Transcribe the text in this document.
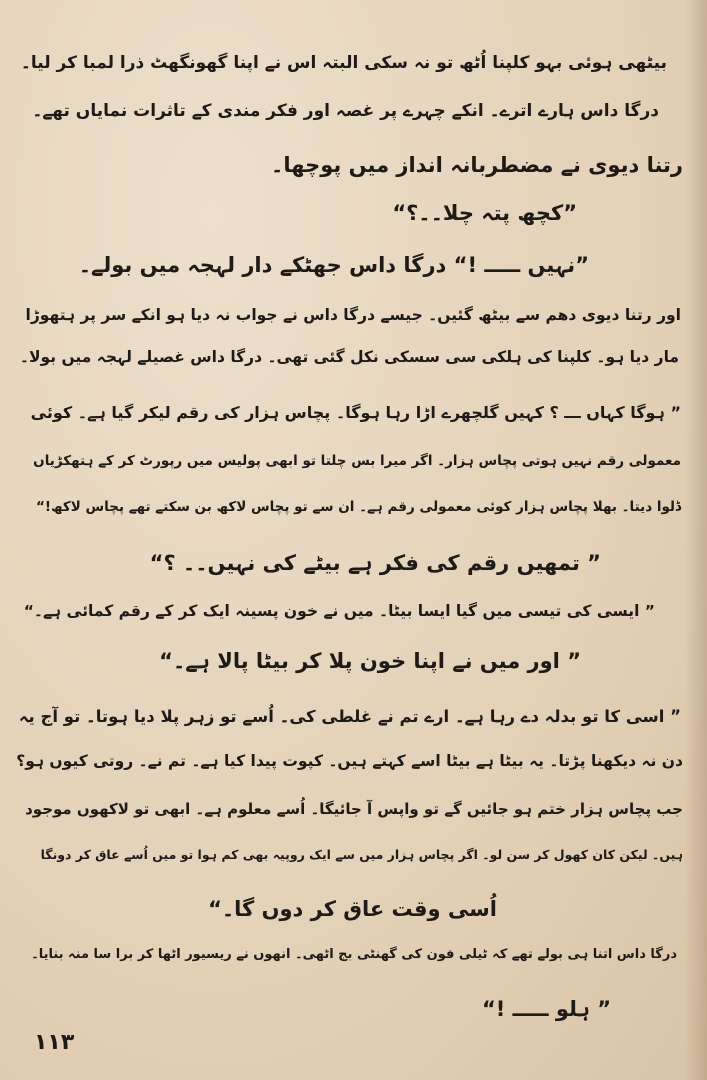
بیٹھی ہوئی بہو کلپنا اُٹھ تو نہ سکی البتہ اس نے اپنا گھونگھٹ ذرا لمبا کر لیا۔
درگا داس ہارے اترے۔ انکے چہرے پر غصہ اور فکر مندی کے تاثرات نمایاں تھے۔
رتنا دیوی نے مضطربانہ انداز میں پوچھا۔
”کچھ پتہ چلا۔۔؟“
”نہیں ـــــ !“ درگا داس جھٹکے دار لہجہ میں بولے۔
اور رتنا دیوی دھم سے بیٹھ گئیں۔ جیسے درگا داس نے جواب نہ دیا ہو انکے سر پر ہتھوڑا
مار دیا ہو۔ کلپنا کی ہلکی سی سسکی نکل گئی تھی۔ درگا داس غصیلے لہجہ میں بولا۔
” ہوگا کہاں ـــ ؟ کہیں گلچھرے اڑا رہا ہوگا۔ پچاس ہزار کی رقم لیکر گیا ہے۔ کوئی
معمولی رقم نہیں ہوتی پچاس ہزار۔ اگر میرا بس چلتا تو ابھی پولیس میں رپورٹ کر کے ہتھکڑیاں
ڈلوا دیتا۔ بھلا پچاس ہزار کوئی معمولی رقم ہے۔ ان سے تو پچاس لاکھ بن سکتے تھے پچاس لاکھ!“
” تمھیں رقم کی فکر ہے بیٹے کی نہیں۔۔ ؟“
” ایسی کی تیسی میں گیا ایسا بیٹا۔ میں نے خون پسینہ ایک کر کے رقم کمائی ہے۔“
” اور میں نے اپنا خون پلا کر بیٹا پالا ہے۔“
” اسی کا تو بدلہ دے رہا ہے۔ ارے تم نے غلطی کی۔ اُسے تو زہر پلا دیا ہوتا۔ تو آج یہ
دن نہ دیکھنا پڑتا۔ یہ بیٹا ہے بیٹا اسے کہتے ہیں۔ کپوت پیدا کیا ہے۔ تم نے۔ روتی کیوں ہو؟
جب پچاس ہزار ختم ہو جائیں گے تو واپس آ جائیگا۔ اُسے معلوم ہے۔ ابھی تو لاکھوں موجود
ہیں۔ لیکن کان کھول کر سن لو۔ اگر پچاس ہزار میں سے ایک روپیہ بھی کم ہوا تو میں اُسے عاق کر دونگا
اُسی وقت عاق کر دوں گا۔“
درگا داس اتنا ہی بولے تھے کہ ٹیلی فون کی گھنٹی بج اٹھی۔ انھوں نے ریسیور اٹھا کر برا سا منہ بنایا۔
” ہلو ـــــ !“
۱۱۳
